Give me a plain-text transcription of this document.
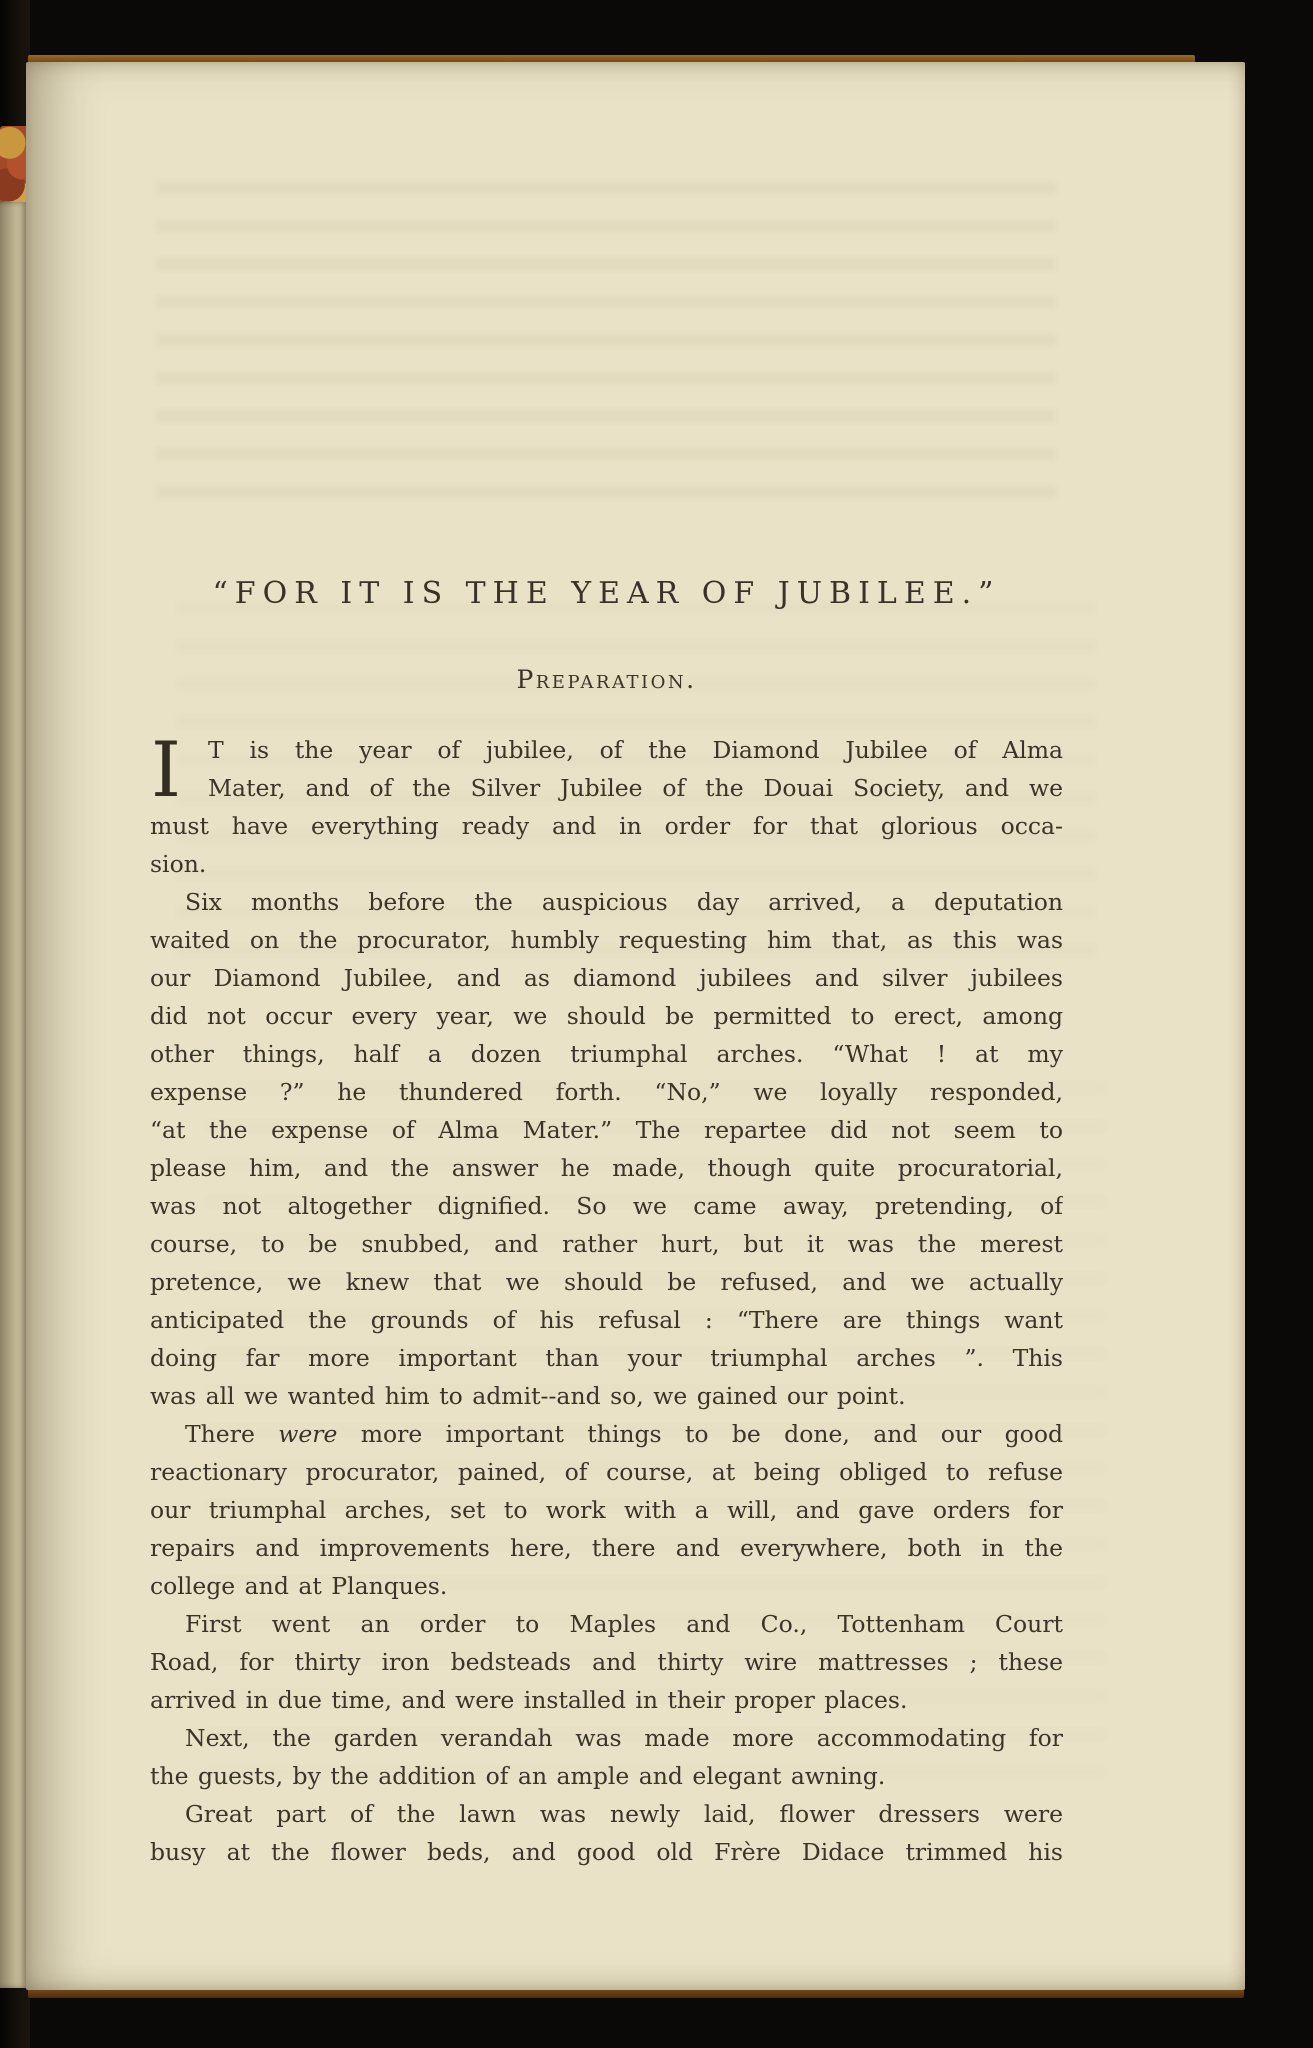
“FOR IT IS THE YEAR OF JUBILEE.”
Preparation.
I T is the year of jubilee, of the Diamond Jubilee of Alma
Mater, and of the Silver Jubilee of the Douai Society, and we
must have everything ready and in order for that glorious occa-
sion.
Six months before the auspicious day arrived, a deputation
waited on the procurator, humbly requesting him that, as this was
our Diamond Jubilee, and as diamond jubilees and silver jubilees
did not occur every year, we should be permitted to erect, among
other things, half a dozen triumphal arches. “What ! at my
expense ?” he thundered forth. “No,” we loyally responded,
“at the expense of Alma Mater.” The repartee did not seem to
please him, and the answer he made, though quite procuratorial,
was not altogether dignified. So we came away, pretending, of
course, to be snubbed, and rather hurt, but it was the merest
pretence, we knew that we should be refused, and we actually
anticipated the grounds of his refusal : “There are things want
doing far more important than your triumphal arches ”. This
was all we wanted him to admit--and so, we gained our point.
There were more important things to be done, and our good
reactionary procurator, pained, of course, at being obliged to refuse
our triumphal arches, set to work with a will, and gave orders for
repairs and improvements here, there and everywhere, both in the
college and at Planques.
First went an order to Maples and Co., Tottenham Court
Road, for thirty iron bedsteads and thirty wire mattresses ; these
arrived in due time, and were installed in their proper places.
Next, the garden verandah was made more accommodating for
the guests, by the addition of an ample and elegant awning.
Great part of the lawn was newly laid, flower dressers were
busy at the flower beds, and good old Frère Didace trimmed his
